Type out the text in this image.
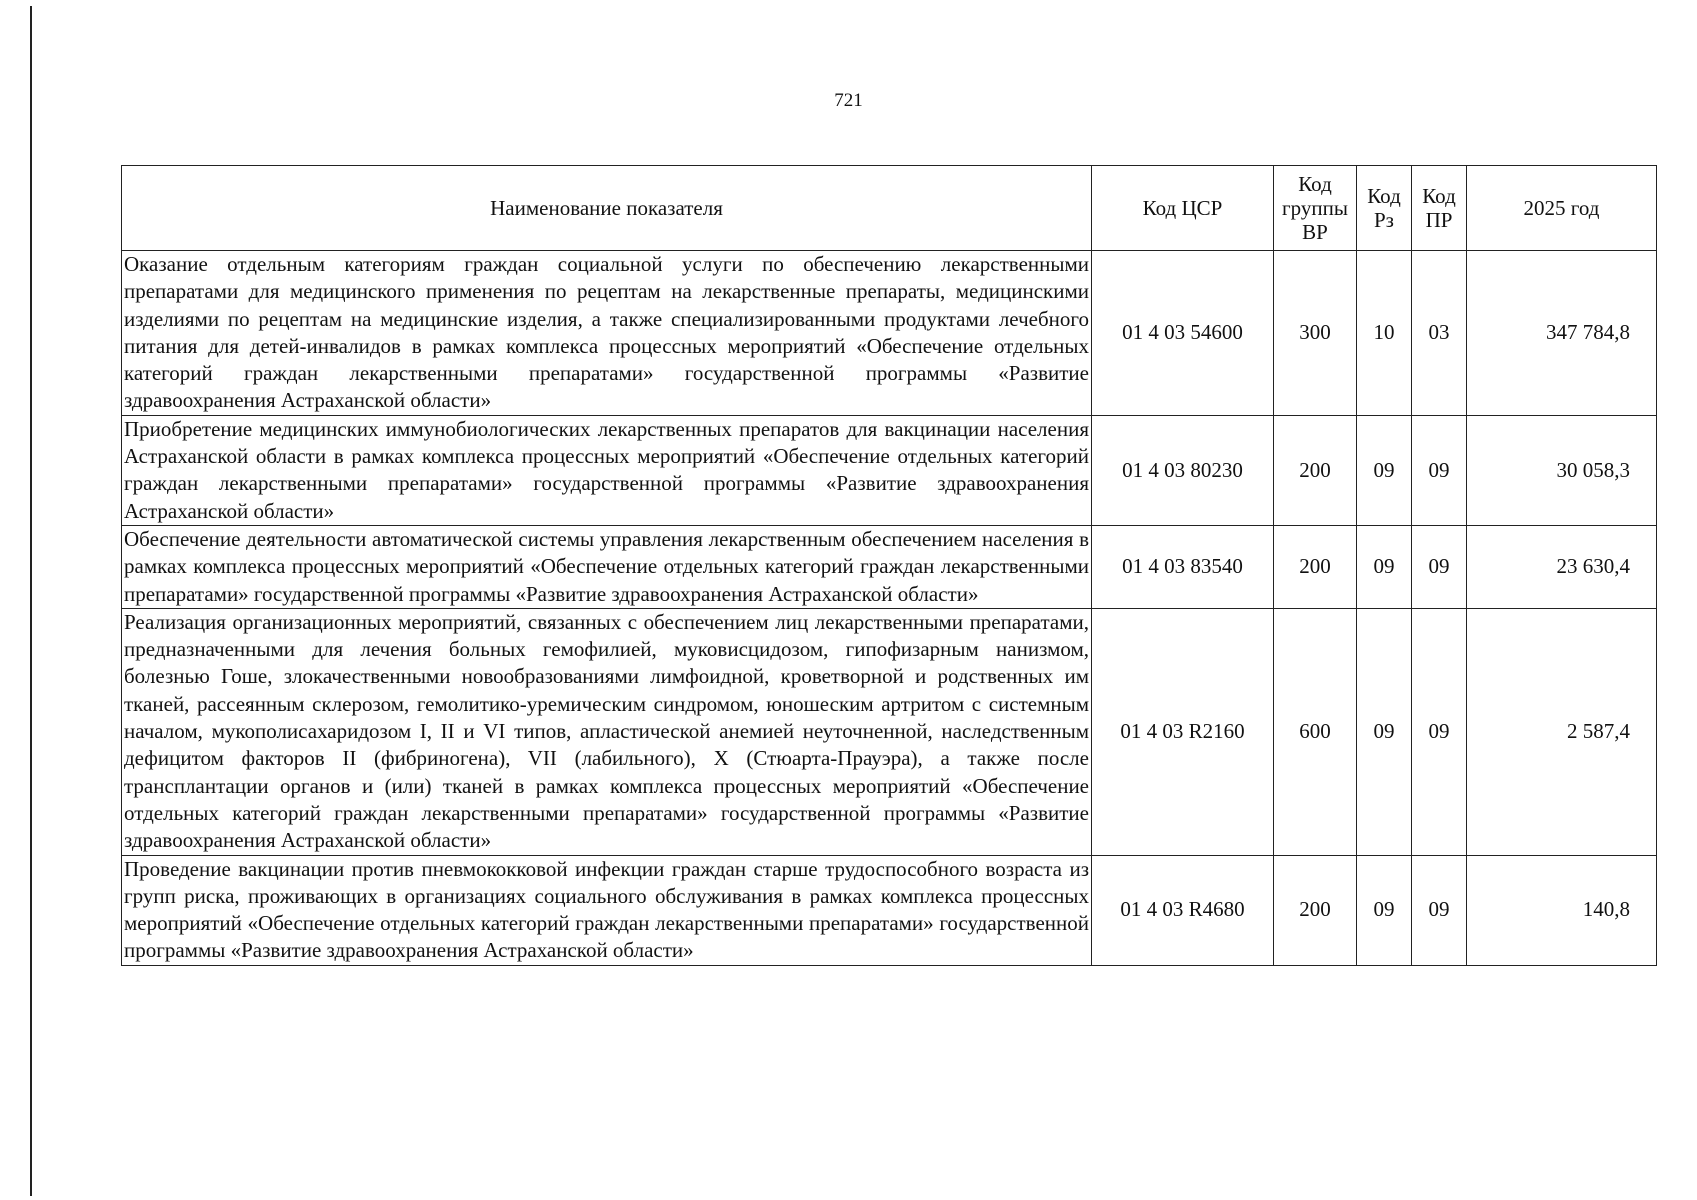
721
Наименование показателя	Код ЦСР	Код группы ВР	Код Рз	Код ПР	2025 год
Оказание отдельным категориям граждан социальной услуги по обеспечению лекарственными препаратами для медицинского применения по рецептам на лекарственные препараты, медицинскими изделиями по рецептам на медицинские изделия, а также специализированными продуктами лечебного питания для детей-инвалидов в рамках комплекса процессных мероприятий «Обеспечение отдельных категорий граждан лекарственными препаратами» государственной программы «Развитие здравоохранения Астраханской области»	01 4 03 54600	300	10	03	347 784,8
Приобретение медицинских иммунобиологических лекарственных препаратов для вакцинации населения Астраханской области в рамках комплекса процессных мероприятий «Обеспечение отдельных категорий граждан лекарственными препаратами» государственной программы «Развитие здравоохранения Астраханской области»	01 4 03 80230	200	09	09	30 058,3
Обеспечение деятельности автоматической системы управления лекарственным обеспечением населения в рамках комплекса процессных мероприятий «Обеспечение отдельных категорий граждан лекарственными препаратами» государственной программы «Развитие здравоохранения Астраханской области»	01 4 03 83540	200	09	09	23 630,4
Реализация организационных мероприятий, связанных с обеспечением лиц лекарственными препаратами, предназначенными для лечения больных гемофилией, муковисцидозом, гипофизарным нанизмом, болезнью Гоше, злокачественными новообразованиями лимфоидной, кроветворной и родственных им тканей, рассеянным склерозом, гемолитико-уремическим синдромом, юношеским артритом с системным началом, мукополисахаридозом I, II и VI типов, апластической анемией неуточненной, наследственным дефицитом факторов II (фибриногена), VII (лабильного), X (Стюарта-Прауэра), а также после трансплантации органов и (или) тканей в рамках комплекса процессных мероприятий «Обеспечение отдельных категорий граждан лекарственными препаратами» государственной программы «Развитие здравоохранения Астраханской области»	01 4 03 R2160	600	09	09	2 587,4
Проведение вакцинации против пневмококковой инфекции граждан старше трудоспособного возраста из групп риска, проживающих в организациях социального обслуживания в рамках комплекса процессных мероприятий «Обеспечение отдельных категорий граждан лекарственными препаратами» государственной программы «Развитие здравоохранения Астраханской области»	01 4 03 R4680	200	09	09	140,8
